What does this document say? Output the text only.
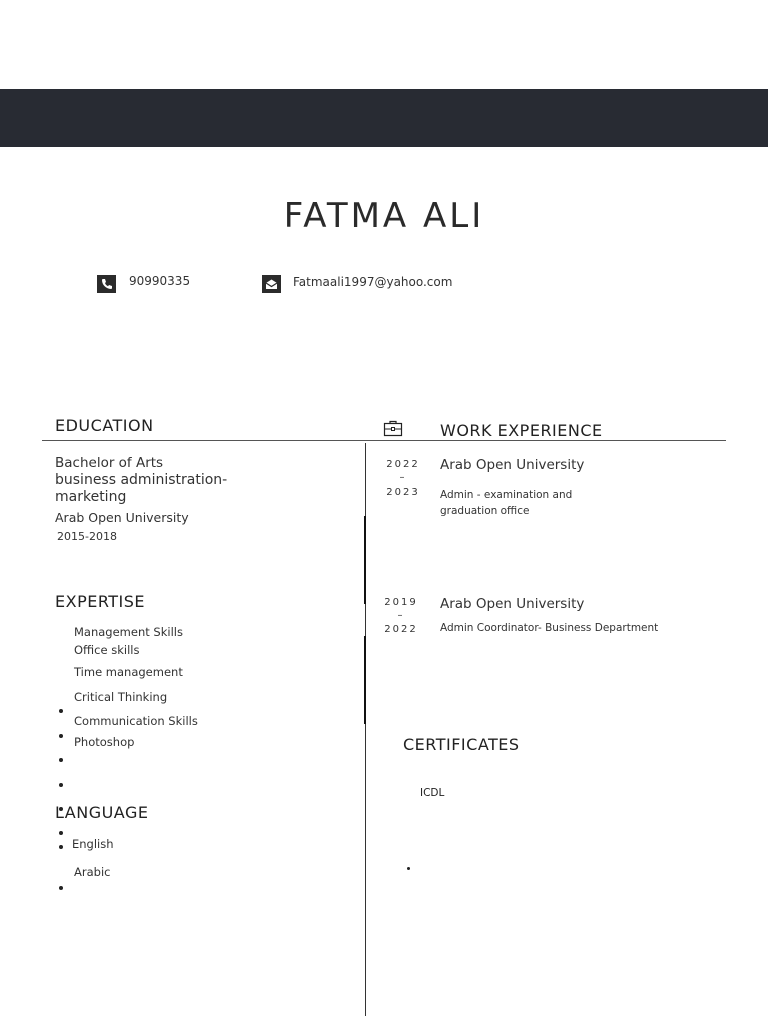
FATMA ALI
90990335	Fatmaali1997@yahoo.com
EDUCATION	WORK EXPERIENCE
Bachelor of Arts
business administration-
marketing
Arab Open University
2015-2018
EXPERTISE
Management Skills
Office skills
Time management
Critical Thinking
Communication Skills
Photoshop
LANGUAGE
English
Arabic
2022
–
2023
Arab Open University
Admin - examination and
graduation office
2019
–
2022
Arab Open University
Admin Coordinator- Business Department
CERTIFICATES
ICDL
